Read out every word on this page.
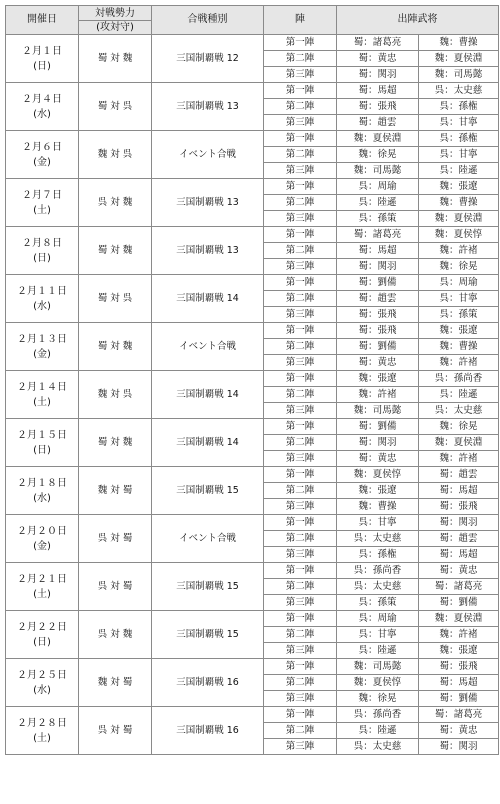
開催日	対戦勢力
(攻対守)	合戦種別	陣	出陣武将	

２月１日
(日)	蜀 対 魏	三国制覇戦 12	第一陣	蜀：諸葛亮	魏：曹操
			第二陣	蜀：黄忠	魏：夏侯淵
			第三陣	蜀：関羽	魏：司馬懿

２月４日
(水)	蜀 対 呉	三国制覇戦 13	第一陣	蜀：馬超	呉：太史慈
			第二陣	蜀：張飛	呉：孫権
			第三陣	蜀：趙雲	呉：甘寧

２月６日
(金)	魏 対 呉	イベント合戦	第一陣	魏：夏侯淵	呉：孫権
			第二陣	魏：徐晃	呉：甘寧
			第三陣	魏：司馬懿	呉：陸遜

２月７日
(土)	呉 対 魏	三国制覇戦 13	第一陣	呉：周瑜	魏：張遼
			第二陣	呉：陸遜	魏：曹操
			第三陣	呉：孫策	魏：夏侯淵

２月８日
(日)	蜀 対 魏	三国制覇戦 13	第一陣	蜀：諸葛亮	魏：夏侯惇
			第二陣	蜀：馬超	魏：許褚
			第三陣	蜀：関羽	魏：徐晃

２月１１日
(水)	蜀 対 呉	三国制覇戦 14	第一陣	蜀：劉備	呉：周瑜
			第二陣	蜀：趙雲	呉：甘寧
			第三陣	蜀：張飛	呉：孫策

２月１３日
(金)	蜀 対 魏	イベント合戦	第一陣	蜀：張飛	魏：張遼
			第二陣	蜀：劉備	魏：曹操
			第三陣	蜀：黄忠	魏：許褚

２月１４日
(土)	魏 対 呉	三国制覇戦 14	第一陣	魏：張遼	呉：孫尚香
			第二陣	魏：許褚	呉：陸遜
			第三陣	魏：司馬懿	呉：太史慈

２月１５日
(日)	蜀 対 魏	三国制覇戦 14	第一陣	蜀：劉備	魏：徐晃
			第二陣	蜀：関羽	魏：夏侯淵
			第三陣	蜀：黄忠	魏：許褚

２月１８日
(水)	魏 対 蜀	三国制覇戦 15	第一陣	魏：夏侯惇	蜀：趙雲
			第二陣	魏：張遼	蜀：馬超
			第三陣	魏：曹操	蜀：張飛

２月２０日
(金)	呉 対 蜀	イベント合戦	第一陣	呉：甘寧	蜀：関羽
			第二陣	呉：太史慈	蜀：趙雲
			第三陣	呉：孫権	蜀：馬超

２月２１日
(土)	呉 対 蜀	三国制覇戦 15	第一陣	呉：孫尚香	蜀：黄忠
			第二陣	呉：太史慈	蜀：諸葛亮
			第三陣	呉：孫策	蜀：劉備

２月２２日
(日)	呉 対 魏	三国制覇戦 15	第一陣	呉：周瑜	魏：夏侯淵
			第二陣	呉：甘寧	魏：許褚
			第三陣	呉：陸遜	魏：張遼

２月２５日
(水)	魏 対 蜀	三国制覇戦 16	第一陣	魏：司馬懿	蜀：張飛
			第二陣	魏：夏侯惇	蜀：馬超
			第三陣	魏：徐晃	蜀：劉備

２月２８日
(土)	呉 対 蜀	三国制覇戦 16	第一陣	呉：孫尚香	蜀：諸葛亮
			第二陣	呉：陸遜	蜀：黄忠
			第三陣	呉：太史慈	蜀：関羽
